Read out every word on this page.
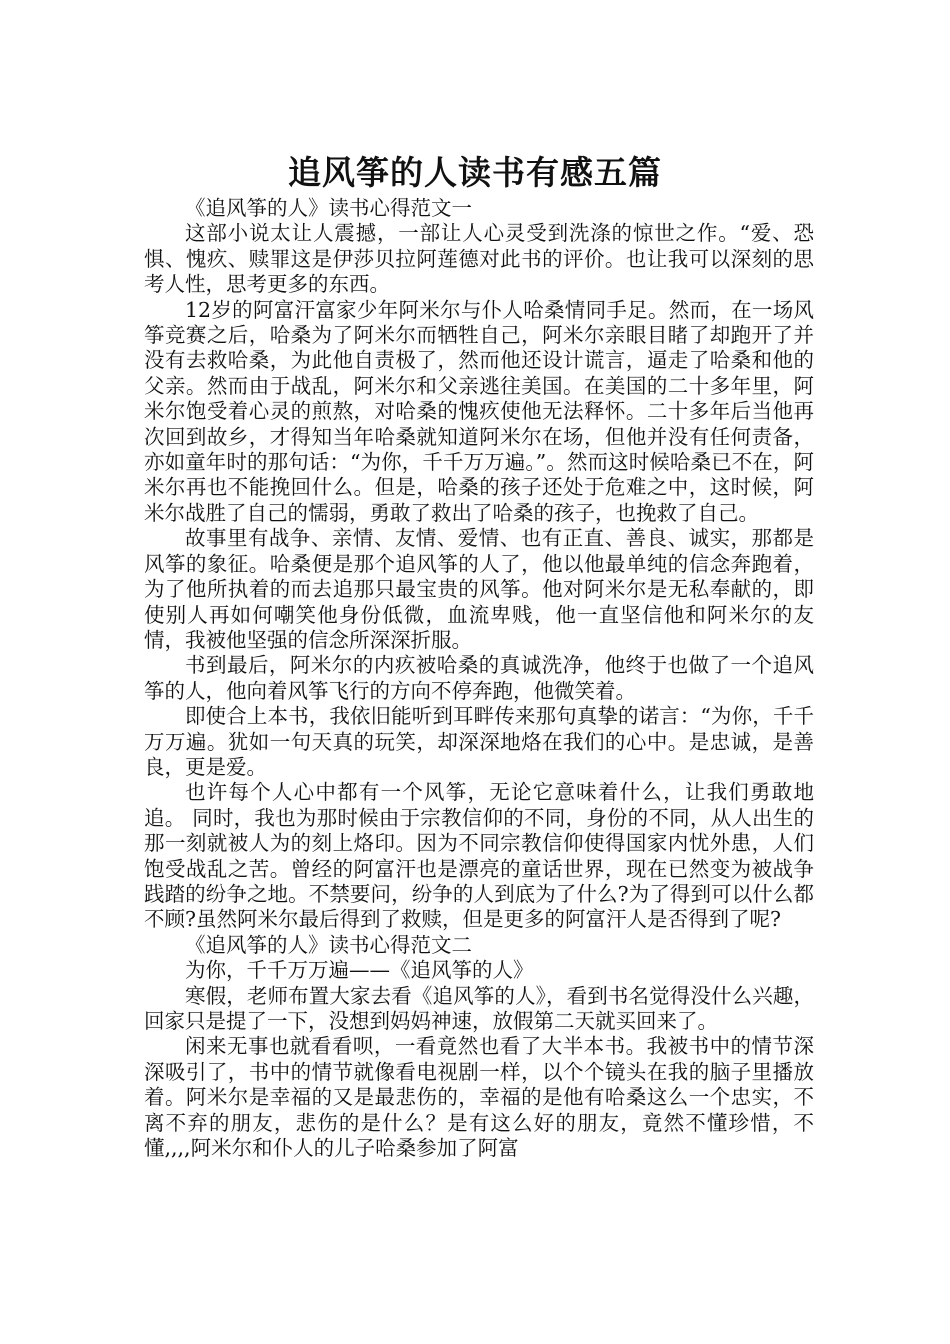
追风筝的人读书有感五篇

《追风筝的人》读书心得范文一

这部小说太让人震撼，一部让人心灵受到洗涤的惊世之作。“爱、恐惧、愧疚、赎罪这是伊莎贝拉阿莲德对此书的评价。也让我可以深刻的思考人性，思考更多的东西。

12岁的阿富汗富家少年阿米尔与仆人哈桑情同手足。然而，在一场风筝竞赛之后，哈桑为了阿米尔而牺牲自己，阿米尔亲眼目睹了却跑开了并没有去救哈桑，为此他自责极了，然而他还设计谎言，逼走了哈桑和他的父亲。然而由于战乱，阿米尔和父亲逃往美国。在美国的二十多年里，阿米尔饱受着心灵的煎熬，对哈桑的愧疚使他无法释怀。二十多年后当他再次回到故乡，才得知当年哈桑就知道阿米尔在场，但他并没有任何责备，亦如童年时的那句话：“为你，千千万万遍。”。然而这时候哈桑已不在，阿米尔再也不能挽回什么。但是，哈桑的孩子还处于危难之中，这时候，阿米尔战胜了自己的懦弱，勇敢了救出了哈桑的孩子，也挽救了自己。

故事里有战争、亲情、友情、爱情、也有正直、善良、诚实，那都是风筝的象征。哈桑便是那个追风筝的人了，他以他最单纯的信念奔跑着，为了他所执着的而去追那只最宝贵的风筝。他对阿米尔是无私奉献的，即使别人再如何嘲笑他身份低微，血流卑贱，他一直坚信他和阿米尔的友情，我被他坚强的信念所深深折服。

书到最后，阿米尔的内疚被哈桑的真诚洗净，他终于也做了一个追风筝的人，他向着风筝飞行的方向不停奔跑，他微笑着。

即使合上本书，我依旧能听到耳畔传来那句真挚的诺言：“为你，千千万万遍。犹如一句天真的玩笑，却深深地烙在我们的心中。是忠诚，是善良，更是爱。

也许每个人心中都有一个风筝，无论它意味着什么，让我们勇敢地追。 同时，我也为那时候由于宗教信仰的不同，身份的不同，从人出生的那一刻就被人为的刻上烙印。因为不同宗教信仰使得国家内忧外患，人们饱受战乱之苦。曾经的阿富汗也是漂亮的童话世界，现在已然变为被战争践踏的纷争之地。不禁要问，纷争的人到底为了什么?为了得到可以什么都不顾?虽然阿米尔最后得到了救赎，但是更多的阿富汗人是否得到了呢?

《追风筝的人》读书心得范文二

为你，千千万万遍——《追风筝的人》

寒假，老师布置大家去看《追风筝的人》，看到书名觉得没什么兴趣，回家只是提了一下，没想到妈妈神速，放假第二天就买回来了。

闲来无事也就看看呗，一看竟然也看了大半本书。我被书中的情节深深吸引了，书中的情节就像看电视剧一样，以个个镜头在我的脑子里播放着。阿米尔是幸福的又是最悲伤的，幸福的是他有哈桑这么一个忠实，不离不弃的朋友，悲伤的是什么？是有这么好的朋友，竟然不懂珍惜，不懂,,,,阿米尔和仆人的儿子哈桑参加了阿富
